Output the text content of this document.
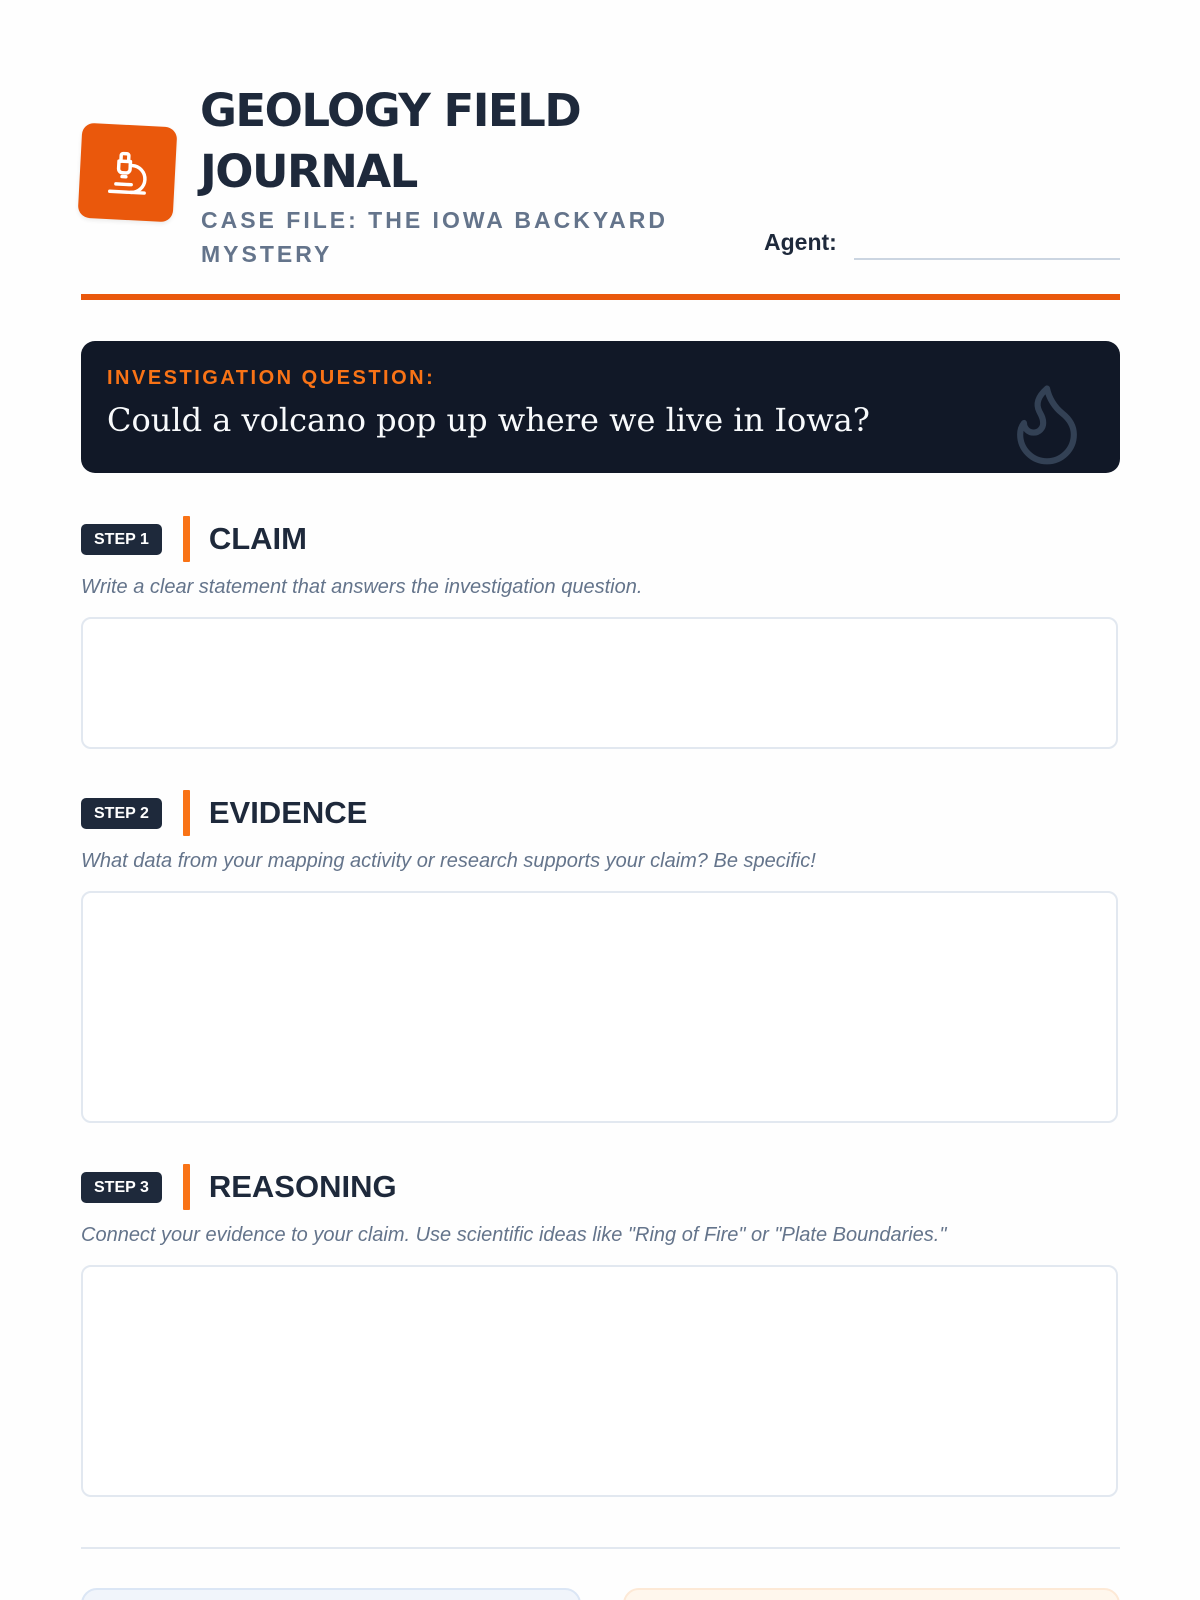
GEOLOGY FIELD
JOURNAL
CASE FILE: THE IOWA BACKYARD MYSTERY	Agent:
INVESTIGATION QUESTION:
Could a volcano pop up where we live in Iowa?
STEP 1	CLAIM
Write a clear statement that answers the investigation question.
STEP 2	EVIDENCE
What data from your mapping activity or research supports your claim? Be specific!
STEP 3	REASONING
Connect your evidence to your claim. Use scientific ideas like "Ring of Fire" or "Plate Boundaries."
